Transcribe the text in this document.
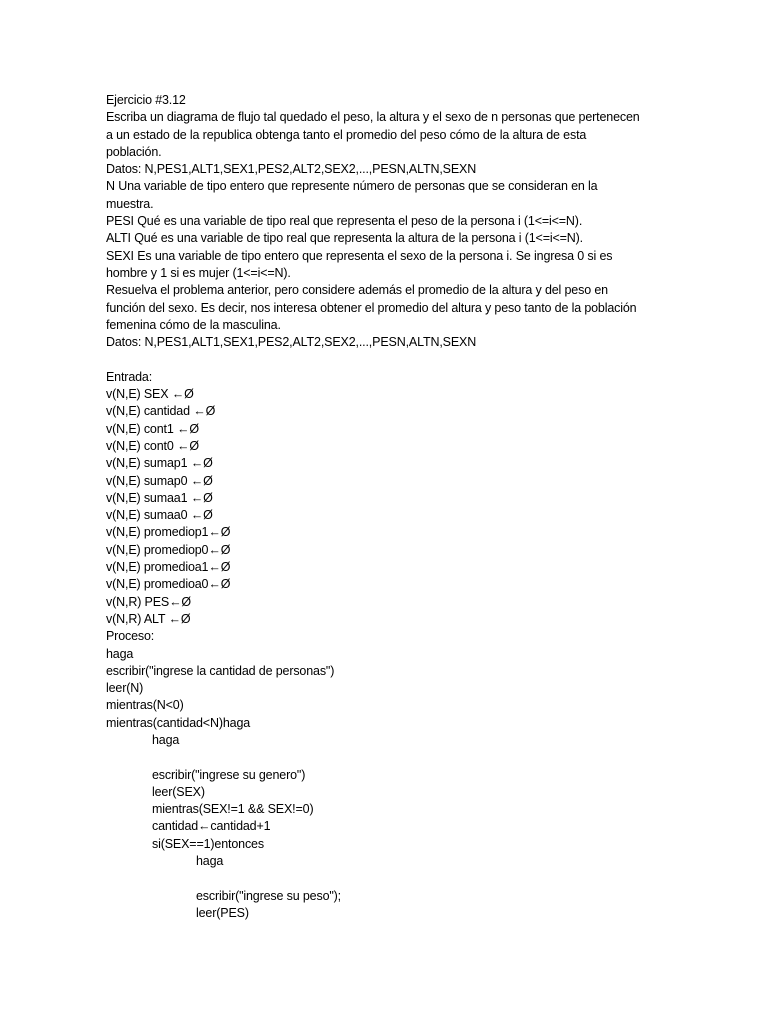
Ejercicio #3.12
Escriba un diagrama de flujo tal quedado el peso, la altura y el sexo de n personas que pertenecen
a un estado de la republica obtenga tanto el promedio del peso cómo de la altura de esta
población.
Datos: N,PES1,ALT1,SEX1,PES2,ALT2,SEX2,...,PESN,ALTN,SEXN
N Una variable de tipo entero que represente número de personas que se consideran en la
muestra.
PESI Qué es una variable de tipo real que representa el peso de la persona i (1<=i<=N).
ALTI Qué es una variable de tipo real que representa la altura de la persona i (1<=i<=N).
SEXI Es una variable de tipo entero que representa el sexo de la persona i. Se ingresa 0 si es
hombre y 1 si es mujer (1<=i<=N).
Resuelva el problema anterior, pero considere además el promedio de la altura y del peso en
función del sexo. Es decir, nos interesa obtener el promedio del altura y peso tanto de la población
femenina cómo de la masculina.
Datos: N,PES1,ALT1,SEX1,PES2,ALT2,SEX2,...,PESN,ALTN,SEXN
Entrada:
v(N,E) SEX ←Ø
v(N,E) cantidad ←Ø
v(N,E) cont1 ←Ø
v(N,E) cont0 ←Ø
v(N,E) sumap1 ←Ø
v(N,E) sumap0 ←Ø
v(N,E) sumaa1 ←Ø
v(N,E) sumaa0 ←Ø
v(N,E) promediop1←Ø
v(N,E) promediop0←Ø
v(N,E) promedioa1←Ø
v(N,E) promedioa0←Ø
v(N,R) PES←Ø
v(N,R) ALT ←Ø
Proceso:
haga
escribir("ingrese la cantidad de personas")
leer(N)
mientras(N<0)
mientras(cantidad<N)haga
haga
escribir("ingrese su genero")
leer(SEX)
mientras(SEX!=1 && SEX!=0)
cantidad←cantidad+1
si(SEX==1)entonces
haga
escribir("ingrese su peso");
leer(PES)
